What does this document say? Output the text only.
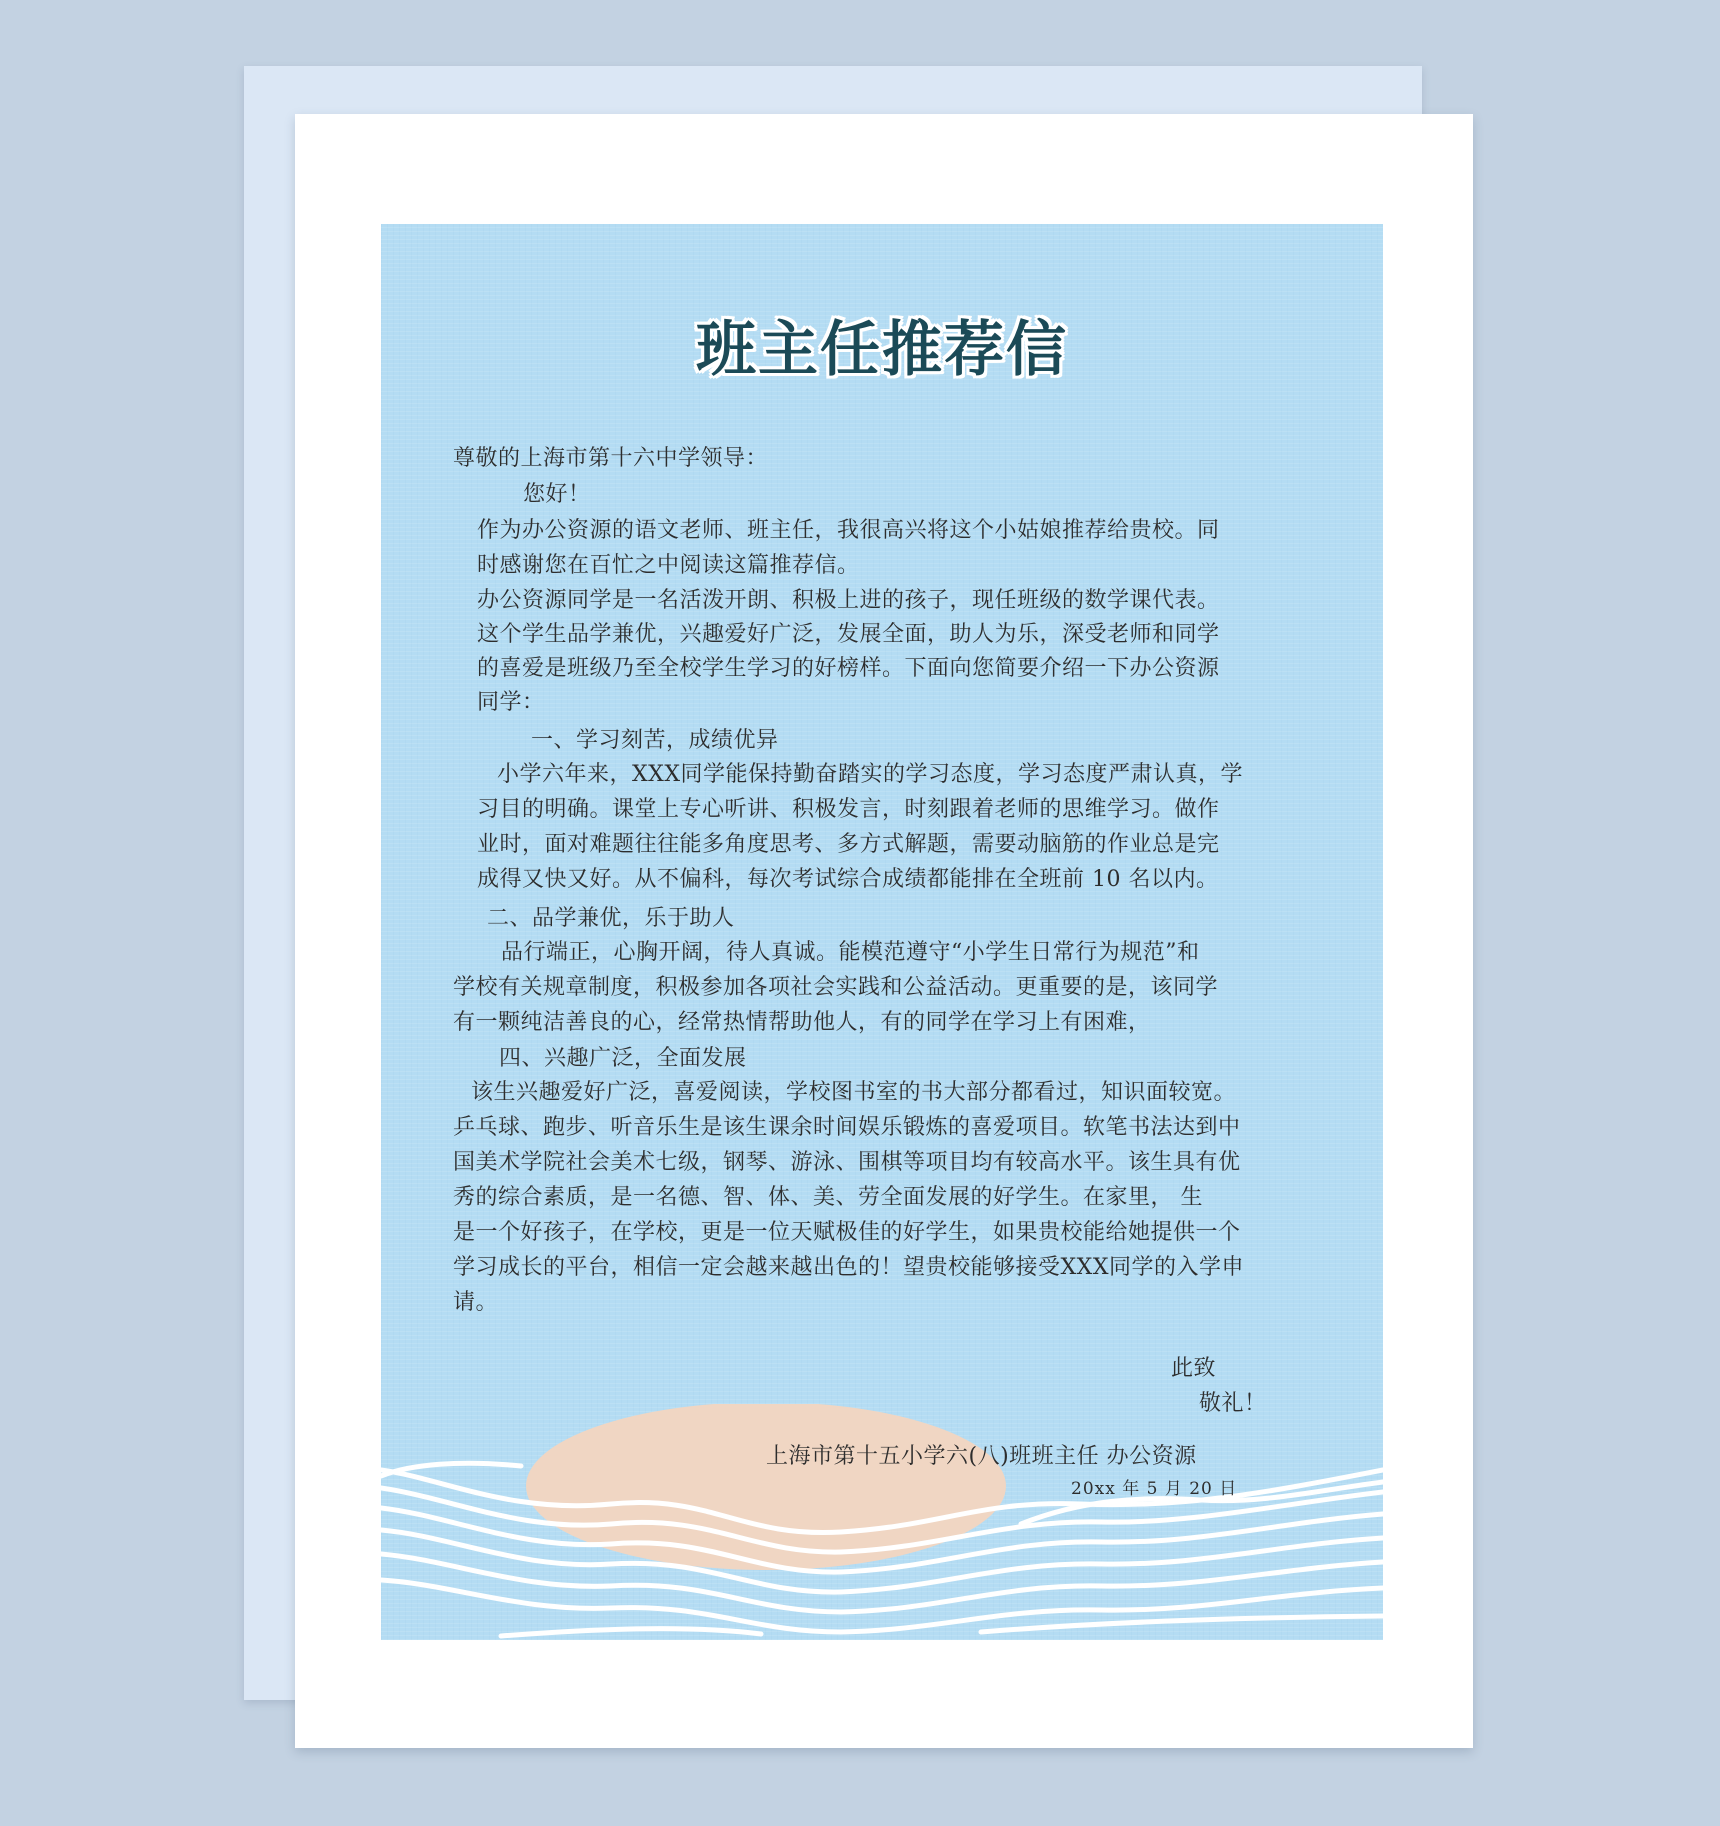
班主任推荐信

尊敬的上海市第十六中学领导：

您好！

作为办公资源的语文老师、班主任，我很高兴将这个小姑娘推荐给贵校。同

时感谢您在百忙之中阅读这篇推荐信。

办公资源同学是一名活泼开朗、积极上进的孩子，现任班级的数学课代表。

这个学生品学兼优，兴趣爱好广泛，发展全面，助人为乐，深受老师和同学

的喜爱是班级乃至全校学生学习的好榜样。下面向您简要介绍一下办公资源

同学：

一、学习刻苦，成绩优异

小学六年来，XXX同学能保持勤奋踏实的学习态度，学习态度严肃认真，学

习目的明确。课堂上专心听讲、积极发言，时刻跟着老师的思维学习。做作

业时，面对难题往往能多角度思考、多方式解题，需要动脑筋的作业总是完

成得又快又好。从不偏科，每次考试综合成绩都能排在全班前 10 名以内。

二、品学兼优，乐于助人

品行端正，心胸开阔，待人真诚。能模范遵守“小学生日常行为规范”和

学校有关规章制度，积极参加各项社会实践和公益活动。更重要的是，该同学

有一颗纯洁善良的心，经常热情帮助他人，有的同学在学习上有困难，

四、兴趣广泛，全面发展

该生兴趣爱好广泛，喜爱阅读，学校图书室的书大部分都看过，知识面较宽。

乒乓球、跑步、听音乐生是该生课余时间娱乐锻炼的喜爱项目。软笔书法达到中

国美术学院社会美术七级，钢琴、游泳、围棋等项目均有较高水平。该生具有优

秀的综合素质，是一名德、智、体、美、劳全面发展的好学生。在家里， 生

是一个好孩子，在学校，更是一位天赋极佳的好学生，如果贵校能给她提供一个

学习成长的平台，相信一定会越来越出色的！望贵校能够接受XXX同学的入学申

请。

此致

敬礼！

上海市第十五小学六(八)班班主任 办公资源

20xx 年 5 月 20 日
